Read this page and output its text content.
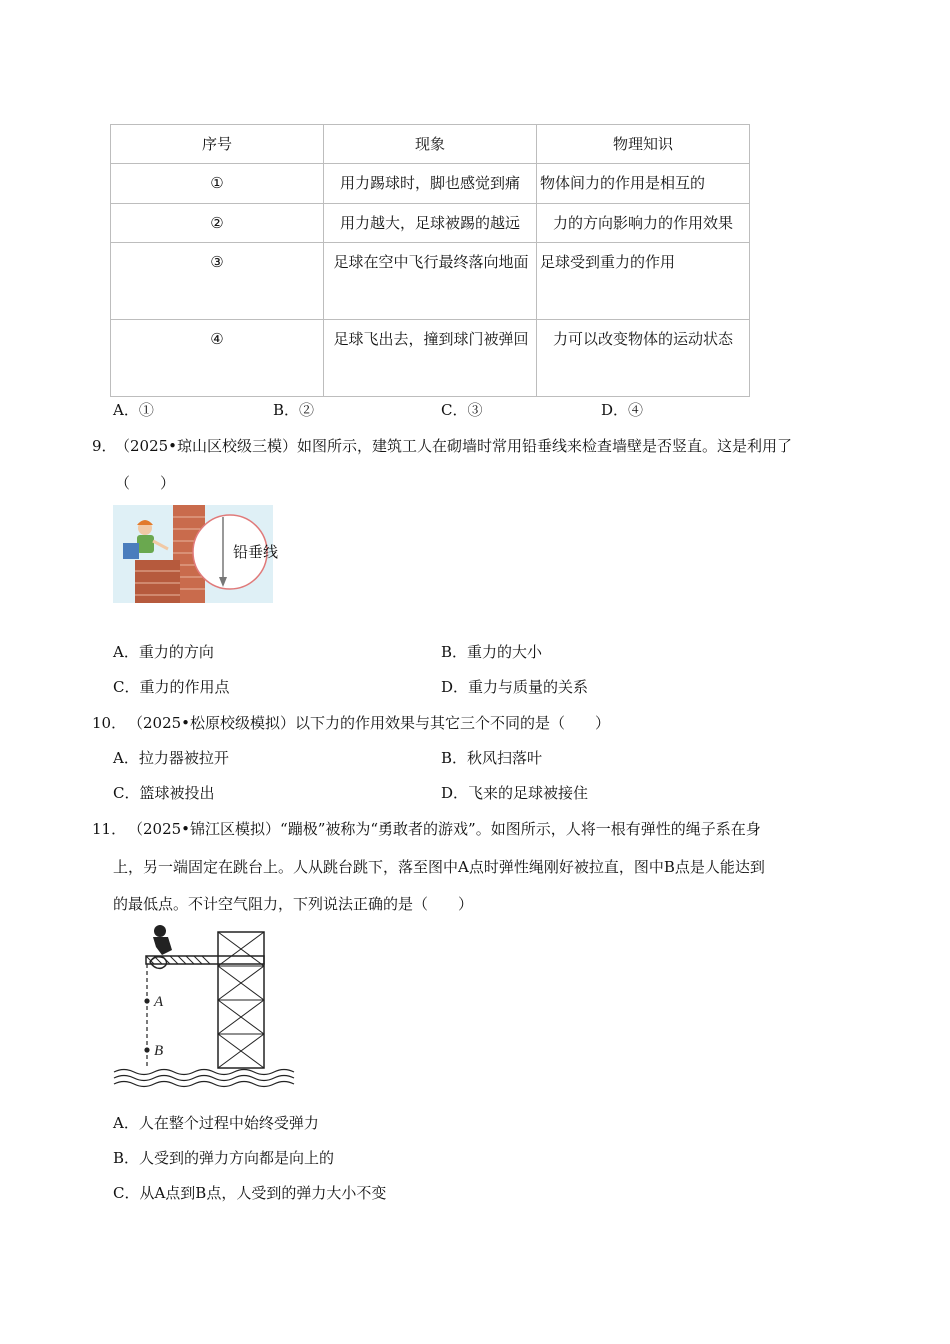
序号	现象	物理知识
①	用力踢球时，脚也感觉到痛	物体间力的作用是相互的
②	用力越大，足球被踢的越远	力的方向影响力的作用效果
③	足球在空中飞行最终落向地面	足球受到重力的作用
④	足球飞出去，撞到球门被弹回	力可以改变物体的运动状态
A．①	B．②	C．③	D．④
9．
（2025•琼山区校级三模）如图所示，建筑工人在砌墙时常用铅垂线来检查墙壁是否竖直。这是利用了
（　　）
铅垂线
A．重力的方向	B．重力的大小
C．重力的作用点	D．重力与质量的关系
10． （2025•松原校级模拟）以下力的作用效果与其它三个不同的是（　　）
A．拉力器被拉开	B．秋风扫落叶
C．篮球被投出	D．飞来的足球被接住
11． （2025•锦江区模拟）“蹦极”被称为“勇敢者的游戏”。如图所示，人将一根有弹性的绳子系在身
上，另一端固定在跳台上。人从跳台跳下，落至图中A点时弹性绳刚好被拉直，图中B点是人能达到
的最低点。不计空气阻力，下列说法正确的是（　　）
A
B
A．人在整个过程中始终受弹力
B．人受到的弹力方向都是向上的
C．从A点到B点，人受到的弹力大小不变
